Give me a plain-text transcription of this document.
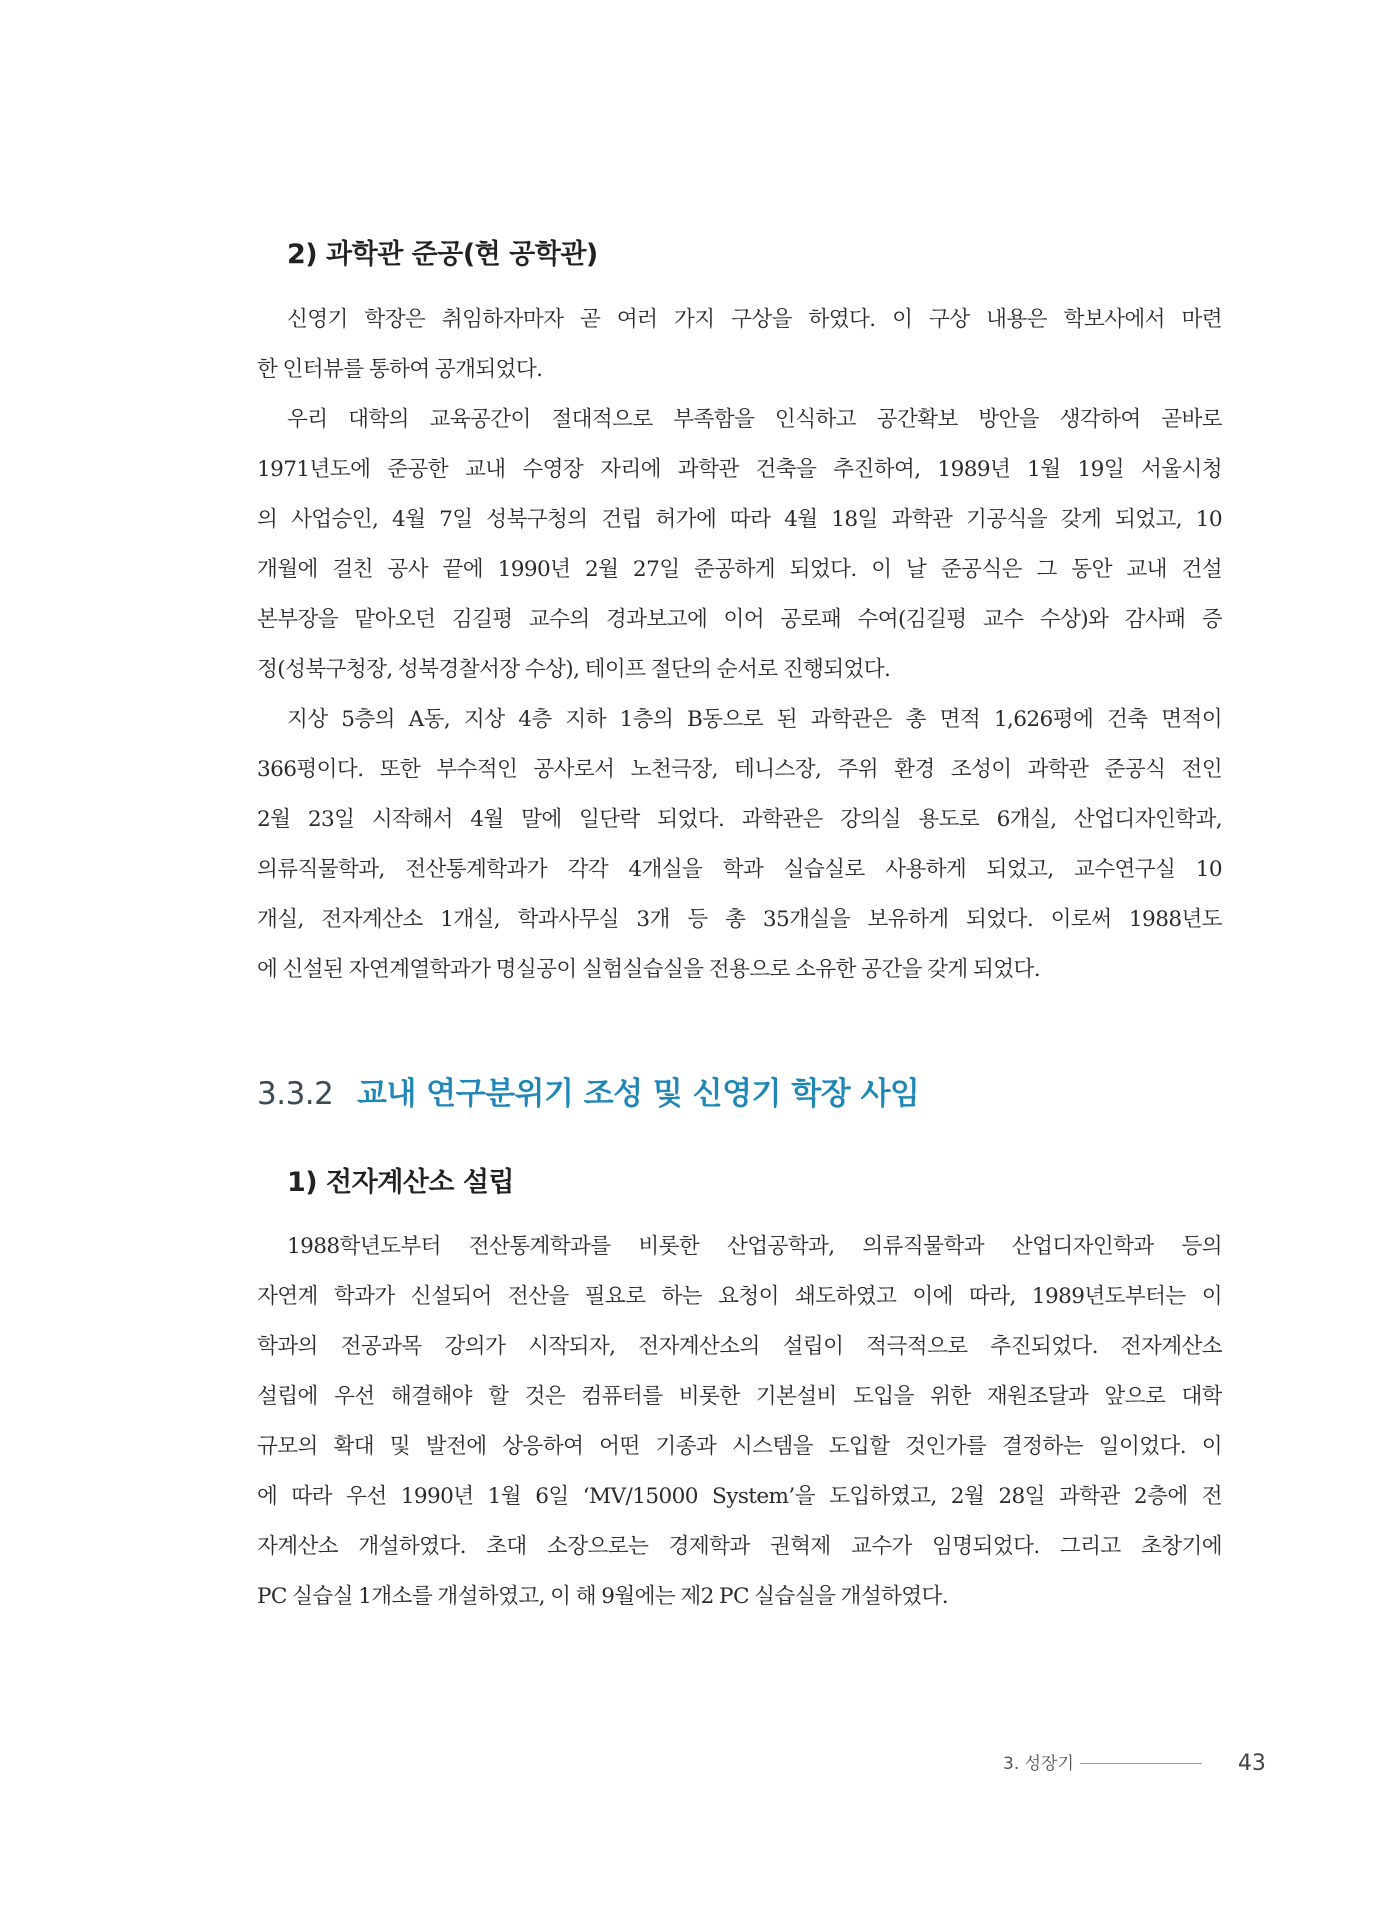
2) 과학관 준공(현 공학관)
신영기 학장은 취임하자마자 곧 여러 가지 구상을 하였다. 이 구상 내용은 학보사에서 마련
한 인터뷰를 통하여 공개되었다.
우리 대학의 교육공간이 절대적으로 부족함을 인식하고 공간확보 방안을 생각하여 곧바로
1971년도에 준공한 교내 수영장 자리에 과학관 건축을 추진하여, 1989년 1월 19일 서울시청
의 사업승인, 4월 7일 성북구청의 건립 허가에 따라 4월 18일 과학관 기공식을 갖게 되었고, 10
개월에 걸친 공사 끝에 1990년 2월 27일 준공하게 되었다. 이 날 준공식은 그 동안 교내 건설
본부장을 맡아오던 김길평 교수의 경과보고에 이어 공로패 수여(김길평 교수 수상)와 감사패 증
정(성북구청장, 성북경찰서장 수상), 테이프 절단의 순서로 진행되었다.
지상 5층의 A동, 지상 4층 지하 1층의 B동으로 된 과학관은 총 면적 1,626평에 건축 면적이
366평이다. 또한 부수적인 공사로서 노천극장, 테니스장, 주위 환경 조성이 과학관 준공식 전인
2월 23일 시작해서 4월 말에 일단락 되었다. 과학관은 강의실 용도로 6개실, 산업디자인학과,
의류직물학과, 전산통계학과가 각각 4개실을 학과 실습실로 사용하게 되었고, 교수연구실 10
개실, 전자계산소 1개실, 학과사무실 3개 등 총 35개실을 보유하게 되었다. 이로써 1988년도
에 신설된 자연계열학과가 명실공이 실험실습실을 전용으로 소유한 공간을 갖게 되었다.
3.3.2 교내 연구분위기 조성 및 신영기 학장 사임
1) 전자계산소 설립
1988학년도부터 전산통계학과를 비롯한 산업공학과, 의류직물학과 산업디자인학과 등의
자연계 학과가 신설되어 전산을 필요로 하는 요청이 쇄도하였고 이에 따라, 1989년도부터는 이
학과의 전공과목 강의가 시작되자, 전자계산소의 설립이 적극적으로 추진되었다. 전자계산소
설립에 우선 해결해야 할 것은 컴퓨터를 비롯한 기본설비 도입을 위한 재원조달과 앞으로 대학
규모의 확대 및 발전에 상응하여 어떤 기종과 시스템을 도입할 것인가를 결정하는 일이었다. 이
에 따라 우선 1990년 1월 6일 ‘MV/15000 System’을 도입하였고, 2월 28일 과학관 2층에 전
자계산소 개설하였다. 초대 소장으로는 경제학과 권혁제 교수가 임명되었다. 그리고 초창기에
PC 실습실 1개소를 개설하였고, 이 해 9월에는 제2 PC 실습실을 개설하였다.
3. 성장기	43
